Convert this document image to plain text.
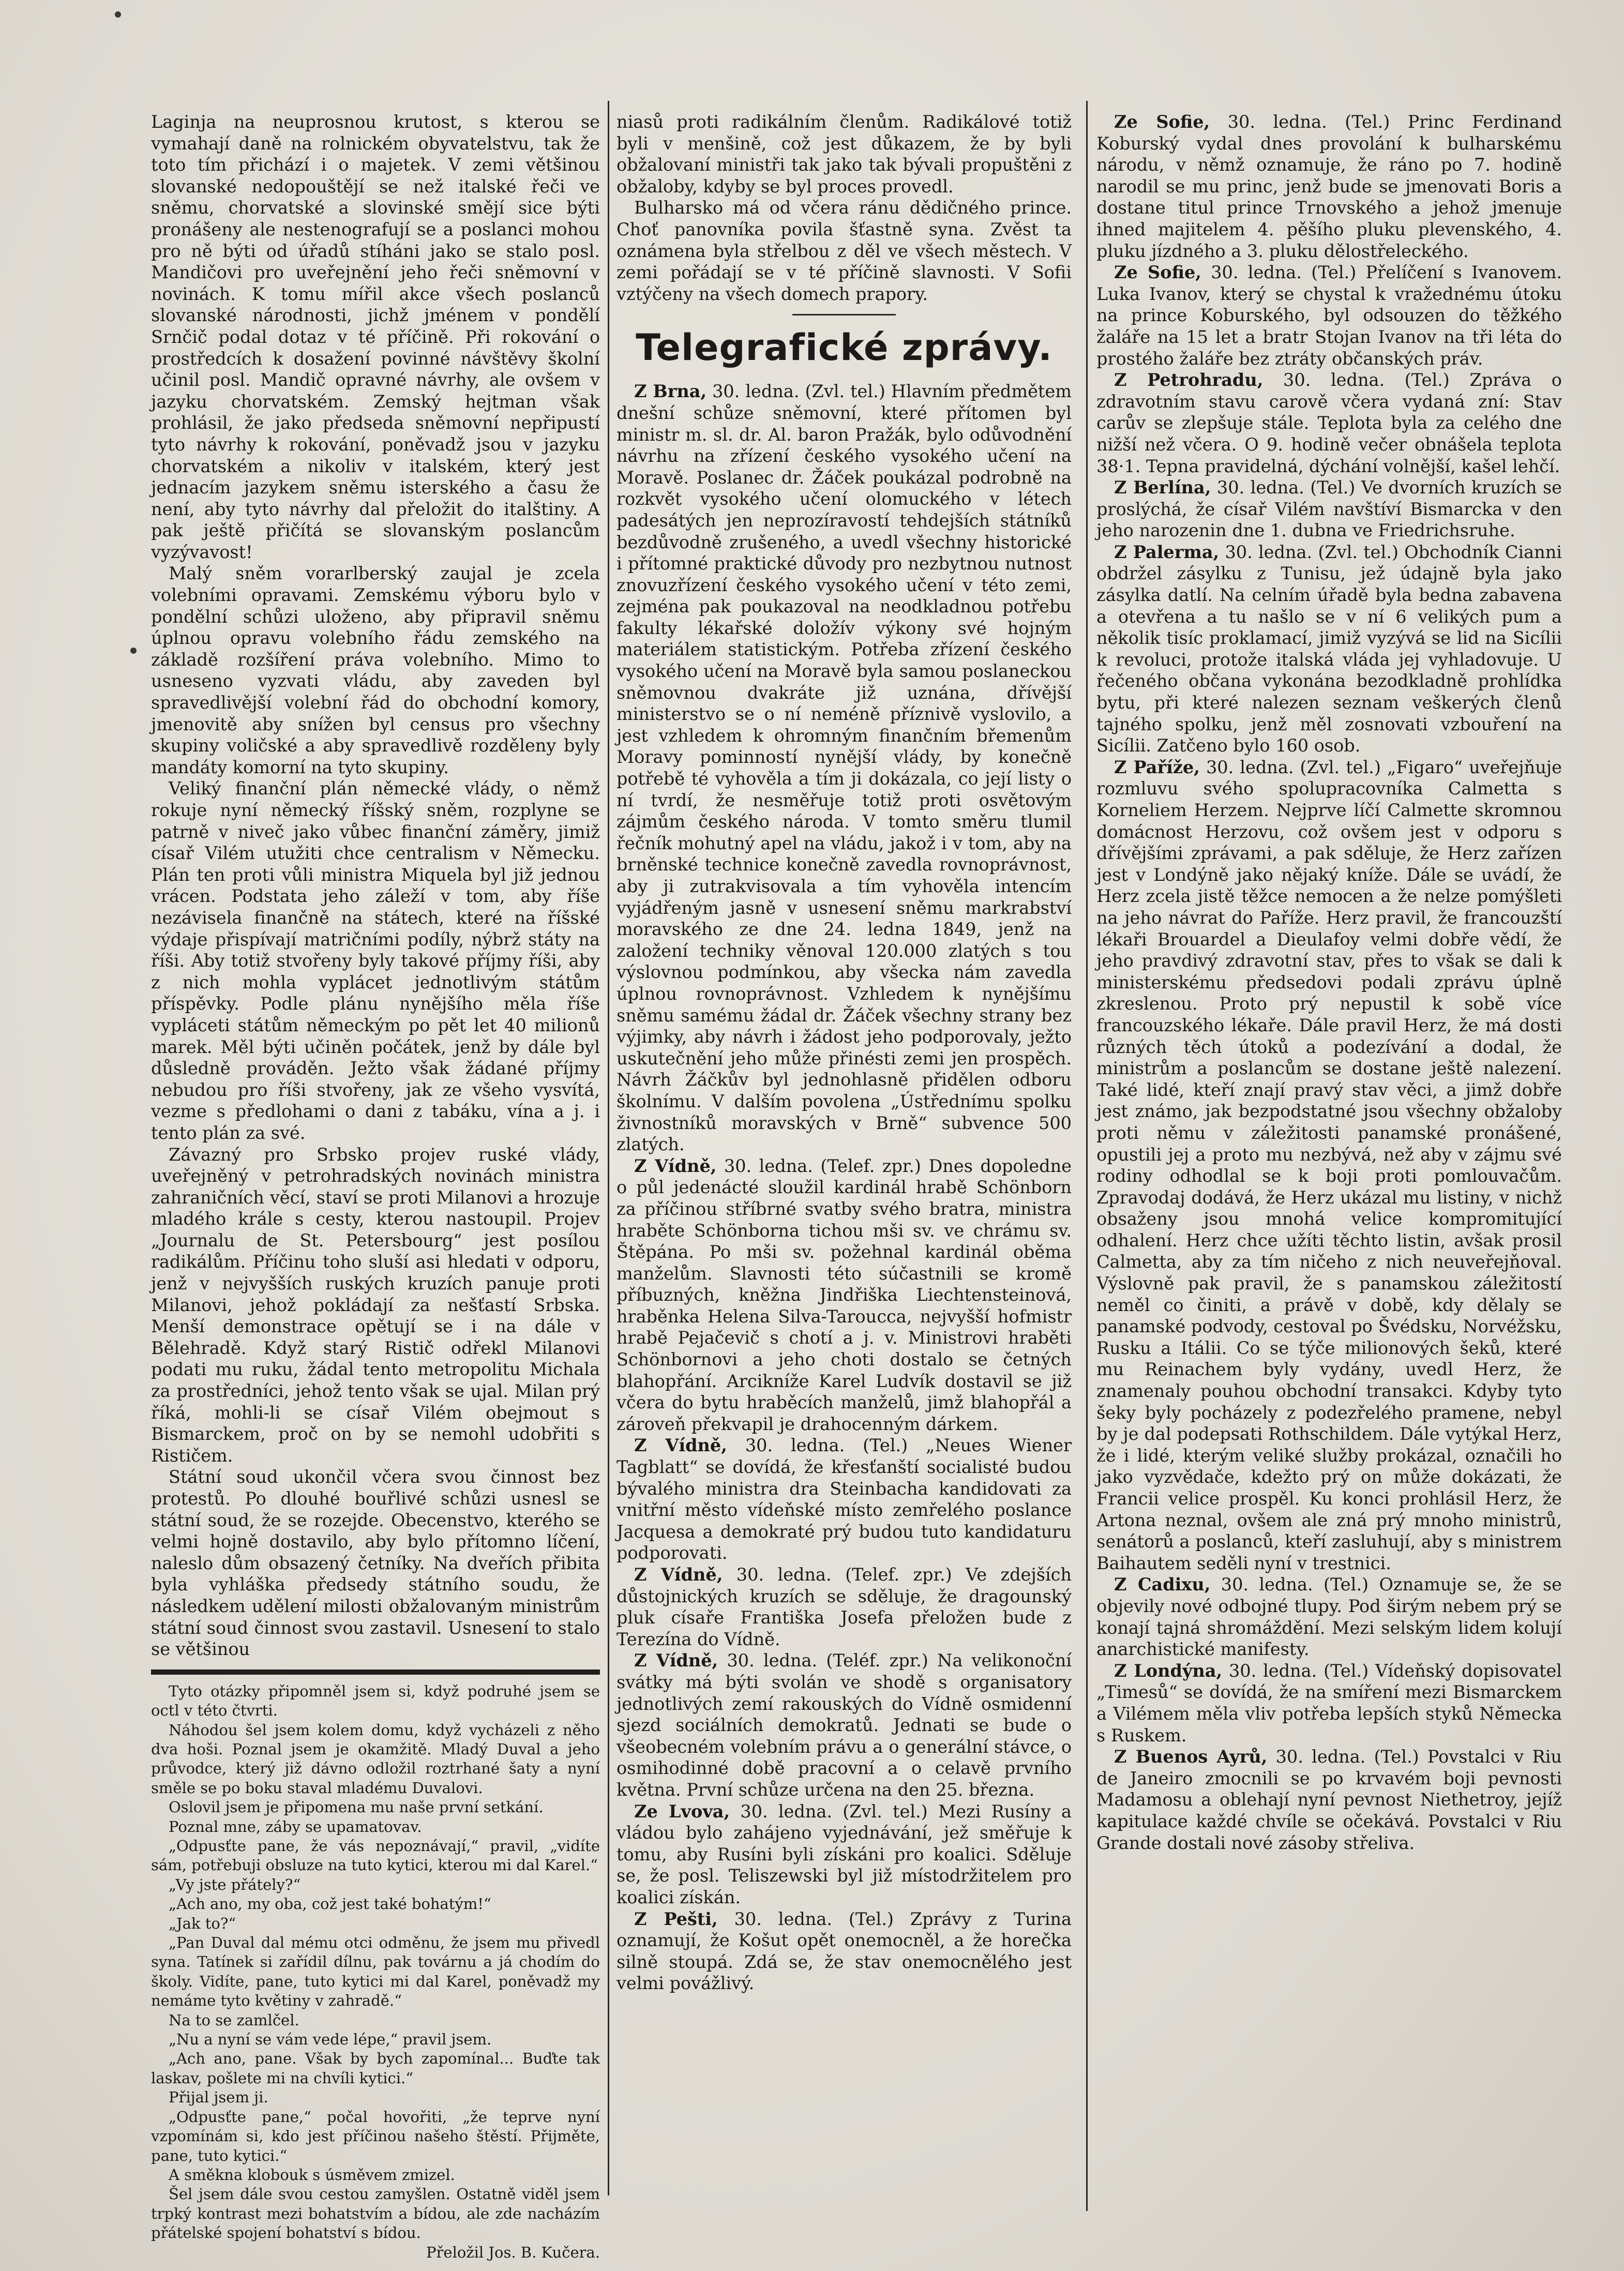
Laginja na neuprosnou krutost, s kterou se vymahají daně na rolnickém obyvatelstvu, tak že toto tím přichází i o majetek. V zemi většinou slovanské nedopouštějí se než italské řeči ve sněmu, chorvatské a slovinské smějí sice býti pronášeny ale nestenografují se a poslanci mohou pro ně býti od úřadů stíháni jako se stalo posl. Mandičovi pro uveřejnění jeho řeči sněmovní v novinách. K tomu mířil akce všech poslanců slovanské národnosti, jichž jménem v pondělí Srnčič podal dotaz v té příčině. Při rokování o prostředcích k dosažení povinné návštěvy školní učinil posl. Mandič opravné návrhy, ale ovšem v jazyku chorvatském. Zemský hejtman však prohlásil, že jako předseda sněmovní nepřipustí tyto návrhy k rokování, poněvadž jsou v jazyku chorvatském a nikoliv v italském, který jest jednacím jazykem sněmu isterského a času že není, aby tyto návrhy dal přeložit do italštiny. A pak ještě přičítá se slovanským poslancům vyzývavost!

Malý sněm vorarlberský zaujal je zcela volebními opravami. Zemskému výboru bylo v pondělní schůzi uloženo, aby připravil sněmu úplnou opravu volebního řádu zemského na základě rozšíření práva volebního. Mimo to usneseno vyzvati vládu, aby zaveden byl spravedlivější volební řád do obchodní komory, jmenovitě aby snížen byl census pro všechny skupiny voličské a aby spravedlivě rozděleny byly mandáty komorní na tyto skupiny.

Veliký finanční plán německé vlády, o němž rokuje nyní německý říšský sněm, rozplyne se patrně v niveč jako vůbec finanční záměry, jimiž císař Vilém utužiti chce centralism v Německu. Plán ten proti vůli ministra Miquela byl již jednou vrácen. Podstata jeho záleží v tom, aby říše nezávisela finančně na státech, které na říšské výdaje přispívají matričními podíly, nýbrž státy na říši. Aby totiž stvořeny byly takové příjmy říši, aby z nich mohla vyplácet jednotlivým státům příspěvky. Podle plánu nynějšího měla říše vypláceti státům německým po pět let 40 milionů marek. Měl býti učiněn počátek, jenž by dále byl důsledně prováděn. Ježto však žádané příjmy nebudou pro říši stvořeny, jak ze všeho vysvítá, vezme s předlohami o dani z tabáku, vína a j. i tento plán za své.

Závazný pro Srbsko projev ruské vlády, uveřejněný v petrohradských novinách ministra zahraničních věcí, staví se proti Milanovi a hrozuje mladého krále s cesty, kterou nastoupil. Projev „Journalu de St. Petersbourg“ jest posílou radikálům. Příčinu toho sluší asi hledati v odporu, jenž v nejvyšších ruských kruzích panuje proti Milanovi, jehož pokládají za nešťastí Srbska. Menší demonstrace opětují se i na dále v Bělehradě. Když starý Ristič odřekl Milanovi podati mu ruku, žádal tento metropolitu Michala za prostředníci, jehož tento však se ujal. Milan prý říká, mohli-li se císař Vilém obejmout s Bismarckem, proč on by se nemohl udobřiti s Rističem.

Státní soud ukončil včera svou činnost bez protestů. Po dlouhé bouřlivé schůzi usnesl se státní soud, že se rozejde. Obecenstvo, kterého se velmi hojně dostavilo, aby bylo přítomno líčení, naleslo dům obsazený četníky. Na dveřích přibita byla vyhláška předsedy státního soudu, že následkem udělení milosti obžalovaným ministrům státní soud činnost svou zastavil. Usnesení to stalo se většinou

Tyto otázky připomněl jsem si, když podruhé jsem se octl v této čtvrti.

Náhodou šel jsem kolem domu, když vycházeli z něho dva hoši. Poznal jsem je okamžitě. Mladý Duval a jeho průvodce, který již dávno odložil roztrhané šaty a nyní směle se po boku staval mladému Duvalovi.

Oslovil jsem je připomena mu naše první setkání.

Poznal mne, záby se upamatovav.

„Odpusťte pane, že vás nepoznávají,“ pravil, „vidíte sám, potřebuji obsluze na tuto kytici, kterou mi dal Karel.“

„Vy jste přátely?“

„Ach ano, my oba, což jest také bohatým!“

„Jak to?“

„Pan Duval dal mému otci odměnu, že jsem mu přivedl syna. Tatínek si zařídil dílnu, pak továrnu a já chodím do školy. Vidíte, pane, tuto kytici mi dal Karel, poněvadž my nemáme tyto květiny v zahradě.“

Na to se zamlčel.

„Nu a nyní se vám vede lépe,“ pravil jsem.

„Ach ano, pane. Však by bych zapomínal... Buďte tak laskav, pošlete mi na chvíli kytici.“

Přijal jsem ji.

„Odpusťte pane,“ počal hovořiti, „že teprve nyní vzpomínám si, kdo jest příčinou našeho štěstí. Přijměte, pane, tuto kytici.“

A směkna klobouk s úsměvem zmizel.

Šel jsem dále svou cestou zamyšlen. Ostatně viděl jsem trpký kontrast mezi bohatstvím a bídou, ale zde nacházím přátelské spojení bohatství s bídou.

Přeložil Jos. B. Kučera.

niasů proti radikálním členům. Radikálové totiž byli v menšině, což jest důkazem, že by byli obžalovaní ministři tak jako tak bývali propuštěni z obžaloby, kdyby se byl proces provedl.

Bulharsko má od včera ránu dědičného prince. Choť panovníka povila šťastně syna. Zvěst ta oznámena byla střelbou z děl ve všech městech. V zemi pořádají se v té příčině slavnosti. V Sofii vztýčeny na všech domech prapory.

Telegrafické zprávy.

Z Brna, 30. ledna. (Zvl. tel.) Hlavním předmětem dnešní schůze sněmovní, které přítomen byl ministr m. sl. dr. Al. baron Pražák, bylo odůvodnění návrhu na zřízení českého vysokého učení na Moravě. Poslanec dr. Žáček poukázal podrobně na rozkvět vysokého učení olomuckého v létech padesátých jen neprozíravostí tehdejších státníků bezdůvodně zrušeného, a uvedl všechny historické i přítomné praktické důvody pro nezbytnou nutnost znovuzřízení českého vysokého učení v této zemi, zejména pak poukazoval na neodkladnou potřebu fakulty lékařské doložív výkony své hojným materiálem statistickým. Potřeba zřízení českého vysokého učení na Moravě byla samou poslaneckou sněmovnou dvakráte již uznána, dřívější ministerstvo se o ní neméně příznivě vyslovilo, a jest vzhledem k ohromným finančním břemenům Moravy pominností nynější vlády, by konečně potřebě té vyhověla a tím ji dokázala, co její listy o ní tvrdí, že nesměřuje totiž proti osvětovým zájmům českého národa. V tomto směru tlumil řečník mohutný apel na vládu, jakož i v tom, aby na brněnské technice konečně zavedla rovnoprávnost, aby ji zutrakvisovala a tím vyhověla intencím vyjádřeným jasně v usnesení sněmu markrabství moravského ze dne 24. ledna 1849, jenž na založení techniky věnoval 120.000 zlatých s tou výslovnou podmínkou, aby všecka nám zavedla úplnou rovnoprávnost. Vzhledem k nynějšímu sněmu samému žádal dr. Žáček všechny strany bez výjimky, aby návrh i žádost jeho podporovaly, ježto uskutečnění jeho může přinésti zemi jen prospěch. Návrh Žáčkův byl jednohlasně přidělen odboru školnímu. V dalším povolena „Ústřednímu spolku živnostníků moravských v Brně“ subvence 500 zlatých.

Z Vídně, 30. ledna. (Telef. zpr.) Dnes dopoledne o půl jedenácté sloužil kardinál hrabě Schönborn za příčinou stříbrné svatby svého bratra, ministra hraběte Schönborna tichou mši sv. ve chrámu sv. Štěpána. Po mši sv. požehnal kardinál oběma manželům. Slavnosti této súčastnili se kromě příbuzných, kněžna Jindřiška Liechtensteinová, hraběnka Helena Silva-Taroucca, nejvyšší hofmistr hrabě Pejačevič s chotí a j. v. Ministrovi hraběti Schönbornovi a jeho choti dostalo se četných blahopřání. Arcikníže Karel Ludvík dostavil se již včera do bytu hraběcích manželů, jimž blahopřál a zároveň překvapil je drahocenným dárkem.

Z Vídně, 30. ledna. (Tel.) „Neues Wiener Tagblatt“ se dovídá, že křesťanští socialisté budou bývalého ministra dra Steinbacha kandidovati za vnitřní město vídeňské místo zemřelého poslance Jacquesa a demokraté prý budou tuto kandidaturu podporovati.

Z Vídně, 30. ledna. (Telef. zpr.) Ve zdejších důstojnických kruzích se sděluje, že dragounský pluk císaře Františka Josefa přeložen bude z Terezína do Vídně.

Z Vídně, 30. ledna. (Teléf. zpr.) Na velikonoční svátky má býti svolán ve shodě s organisatory jednotlivých zemí rakouských do Vídně osmidenní sjezd sociálních demokratů. Jednati se bude o všeobecném volebním právu a o generální stávce, o osmihodinné době pracovní a o celavě prvního května. První schůze určena na den 25. března.

Ze Lvova, 30. ledna. (Zvl. tel.) Mezi Rusíny a vládou bylo zahájeno vyjednávání, jež směřuje k tomu, aby Rusíni byli získáni pro koalici. Sděluje se, že posl. Teliszewski byl již místodržitelem pro koalici získán.

Z Pešti, 30. ledna. (Tel.) Zprávy z Turina oznamují, že Košut opět onemocněl, a že horečka silně stoupá. Zdá se, že stav onemocnělého jest velmi povážlivý.

Ze Sofie, 30. ledna. (Tel.) Princ Ferdinand Koburský vydal dnes provolání k bulharskému národu, v němž oznamuje, že ráno po 7. hodině narodil se mu princ, jenž bude se jmenovati Boris a dostane titul prince Trnovského a jehož jmenuje ihned majitelem 4. pěšího pluku plevenského, 4. pluku jízdného a 3. pluku dělostřeleckého.

Ze Sofie, 30. ledna. (Tel.) Přelíčení s Ivanovem. Luka Ivanov, který se chystal k vražednému útoku na prince Koburského, byl odsouzen do těžkého žaláře na 15 let a bratr Stojan Ivanov na tři léta do prostého žaláře bez ztráty občanských práv.

Z Petrohradu, 30. ledna. (Tel.) Zpráva o zdravotním stavu carově včera vydaná zní: Stav carův se zlepšuje stále. Teplota byla za celého dne nižší než včera. O 9. hodině večer obnášela teplota 38·1. Tepna pravidelná, dýchání volnější, kašel lehčí.

Z Berlína, 30. ledna. (Tel.) Ve dvorních kruzích se proslýchá, že císař Vilém navštíví Bismarcka v den jeho narozenin dne 1. dubna ve Friedrichsruhe.

Z Palerma, 30. ledna. (Zvl. tel.) Obchodník Cianni obdržel zásylku z Tunisu, jež údajně byla jako zásylka datlí. Na celním úřadě byla bedna zabavena a otevřena a tu našlo se v ní 6 velikých pum a několik tisíc proklamací, jimiž vyzývá se lid na Sicílii k revoluci, protože italská vláda jej vyhladovuje. U řečeného občana vykonána bezodkladně prohlídka bytu, při které nalezen seznam veškerých členů tajného spolku, jenž měl zosnovati vzbouření na Sicílii. Zatčeno bylo 160 osob.

Z Paříže, 30. ledna. (Zvl. tel.) „Figaro“ uveřejňuje rozmluvu svého spolupracovníka Calmetta s Korneliem Herzem. Nejprve líčí Calmette skromnou domácnost Herzovu, což ovšem jest v odporu s dřívějšími zprávami, a pak sděluje, že Herz zařízen jest v Londýně jako nějaký kníže. Dále se uvádí, že Herz zcela jistě těžce nemocen a že nelze pomýšleti na jeho návrat do Paříže. Herz pravil, že francouzští lékaři Brouardel a Dieulafoy velmi dobře vědí, že jeho pravdivý zdravotní stav, přes to však se dali k ministerskému předsedovi podali zprávu úplně zkreslenou. Proto prý nepustil k sobě více francouzského lékaře. Dále pravil Herz, že má dosti různých těch útoků a podezívání a dodal, že ministrům a poslancům se dostane ještě nalezení. Také lidé, kteří znají pravý stav věci, a jimž dobře jest známo, jak bezpodstatné jsou všechny obžaloby proti němu v záležitosti panamské pronášené, opustili jej a proto mu nezbývá, než aby v zájmu své rodiny odhodlal se k boji proti pomlouvačům. Zpravodaj dodává, že Herz ukázal mu listiny, v nichž obsaženy jsou mnohá velice kompromitující odhalení. Herz chce užíti těchto listin, avšak prosil Calmetta, aby za tím ničeho z nich neuveřejňoval. Výslovně pak pravil, že s panamskou záležitostí neměl co činiti, a právě v době, kdy dělaly se panamské podvody, cestoval po Švédsku, Norvéžsku, Rusku a Itálii. Co se týče milionových šeků, které mu Reinachem byly vydány, uvedl Herz, že znamenaly pouhou obchodní transakci. Kdyby tyto šeky byly pocházely z podezřelého pramene, nebyl by je dal podepsati Rothschildem. Dále vytýkal Herz, že i lidé, kterým veliké služby prokázal, označili ho jako vyzvědače, kdežto prý on může dokázati, že Francii velice prospěl. Ku konci prohlásil Herz, že Artona neznal, ovšem ale zná prý mnoho ministrů, senátorů a poslanců, kteří zasluhují, aby s ministrem Baihautem seděli nyní v trestnici.

Z Cadixu, 30. ledna. (Tel.) Oznamuje se, že se objevily nové odbojné tlupy. Pod širým nebem prý se konají tajná shromáždění. Mezi selským lidem kolují anarchistické manifesty.

Z Londýna, 30. ledna. (Tel.) Vídeňský dopisovatel „Timesů“ se dovídá, že na smíření mezi Bismarckem a Vilémem měla vliv potřeba lepších styků Německa s Ruskem.

Z Buenos Ayrů, 30. ledna. (Tel.) Povstalci v Riu de Janeiro zmocnili se po krvavém boji pevnosti Madamosu a oblehají nyní pevnost Niethetroy, jejíž kapitulace každé chvíle se očekává. Povstalci v Riu Grande dostali nové zásoby střeliva.
